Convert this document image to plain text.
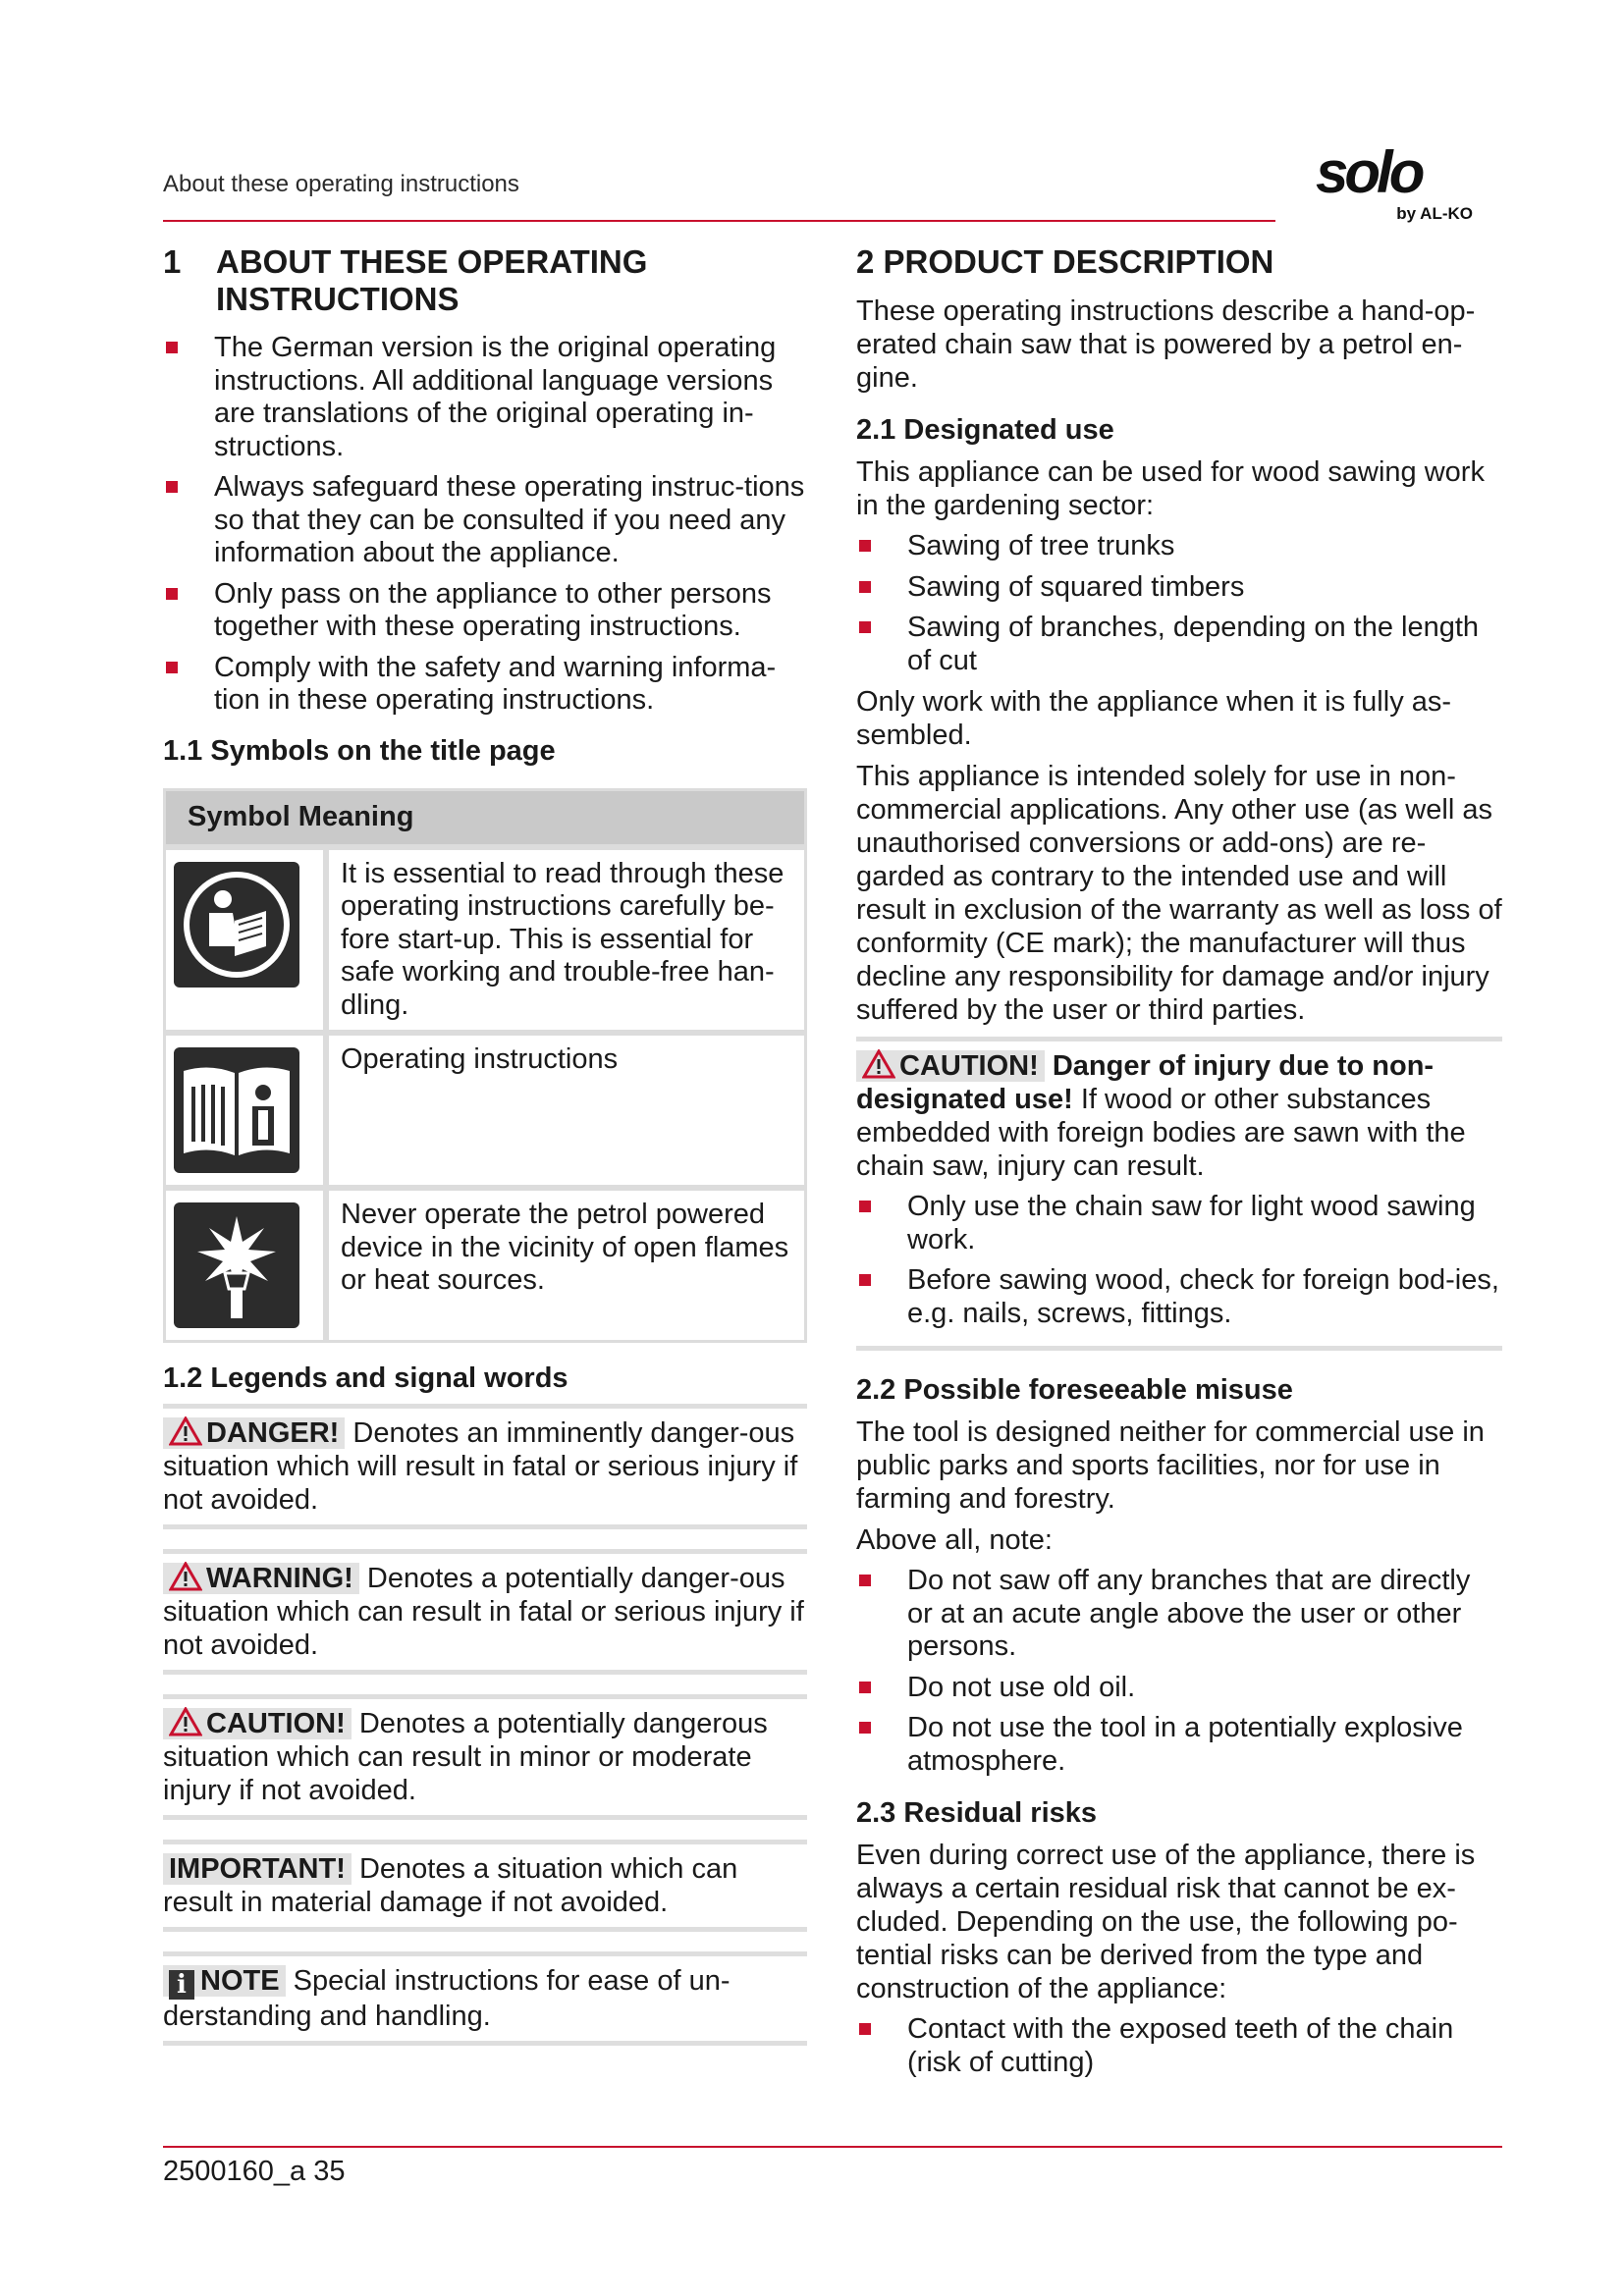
About these operating instructions	solo
by AL-KO
1 ABOUT THESE OPERATING
INSTRUCTIONS
The German version is the original operating instructions. All additional language versions are translations of the original operating in-structions.
Always safeguard these operating instruc-tions so that they can be consulted if you need any information about the appliance.
Only pass on the appliance to other persons together with these operating instructions.
Comply with the safety and warning informa-tion in these operating instructions.
1.1 Symbols on the title page
Symbol Meaning	

	It is essential to read through these operating instructions carefully be-fore start-up. This is essential for safe working and trouble-free han-dling.

	Operating instructions

	Never operate the petrol powered device in the vicinity of open flames or heat sources.
1.2 Legends and signal words
DANGER! Denotes an imminently danger-ous situation which will result in fatal or serious injury if not avoided.
WARNING! Denotes a potentially danger-ous situation which can result in fatal or serious injury if not avoided.
CAUTION! Denotes a potentially dangerous situation which can result in minor or moderate injury if not avoided.
IMPORTANT! Denotes a situation which can result in material damage if not avoided.
i NOTE Special instructions for ease of un-derstanding and handling.
2 PRODUCT DESCRIPTION

These operating instructions describe a hand-op-erated chain saw that is powered by a petrol en-gine.

2.1 Designated use

This appliance can be used for wood sawing work in the gardening sector:

Sawing of tree trunks
Sawing of squared timbers
Sawing of branches, depending on the length of cut

Only work with the appliance when it is fully as-sembled.

This appliance is intended solely for use in non-commercial applications. Any other use (as well as unauthorised conversions or add-ons) are re-garded as contrary to the intended use and will result in exclusion of the warranty as well as loss of conformity (CE mark); the manufacturer will thus decline any responsibility for damage and/or injury suffered by the user or third parties.

CAUTION! Danger of injury due to non-designated use! If wood or other substances embedded with foreign bodies are sawn with the chain saw, injury can result.
Only use the chain saw for light wood sawing work.
Before sawing wood, check for foreign bod-ies, e.g. nails, screws, fittings.
2.2 Possible foreseeable misuse

The tool is designed neither for commercial use in public parks and sports facilities, nor for use in farming and forestry.

Above all, note:

Do not saw off any branches that are directly or at an acute angle above the user or other persons.
Do not use old oil.
Do not use the tool in a potentially explosive atmosphere.
2.3 Residual risks

Even during correct use of the appliance, there is always a certain residual risk that cannot be ex-cluded. Depending on the use, the following po-tential risks can be derived from the type and construction of the appliance:

Contact with the exposed teeth of the chain (risk of cutting)
2500160_a 35
